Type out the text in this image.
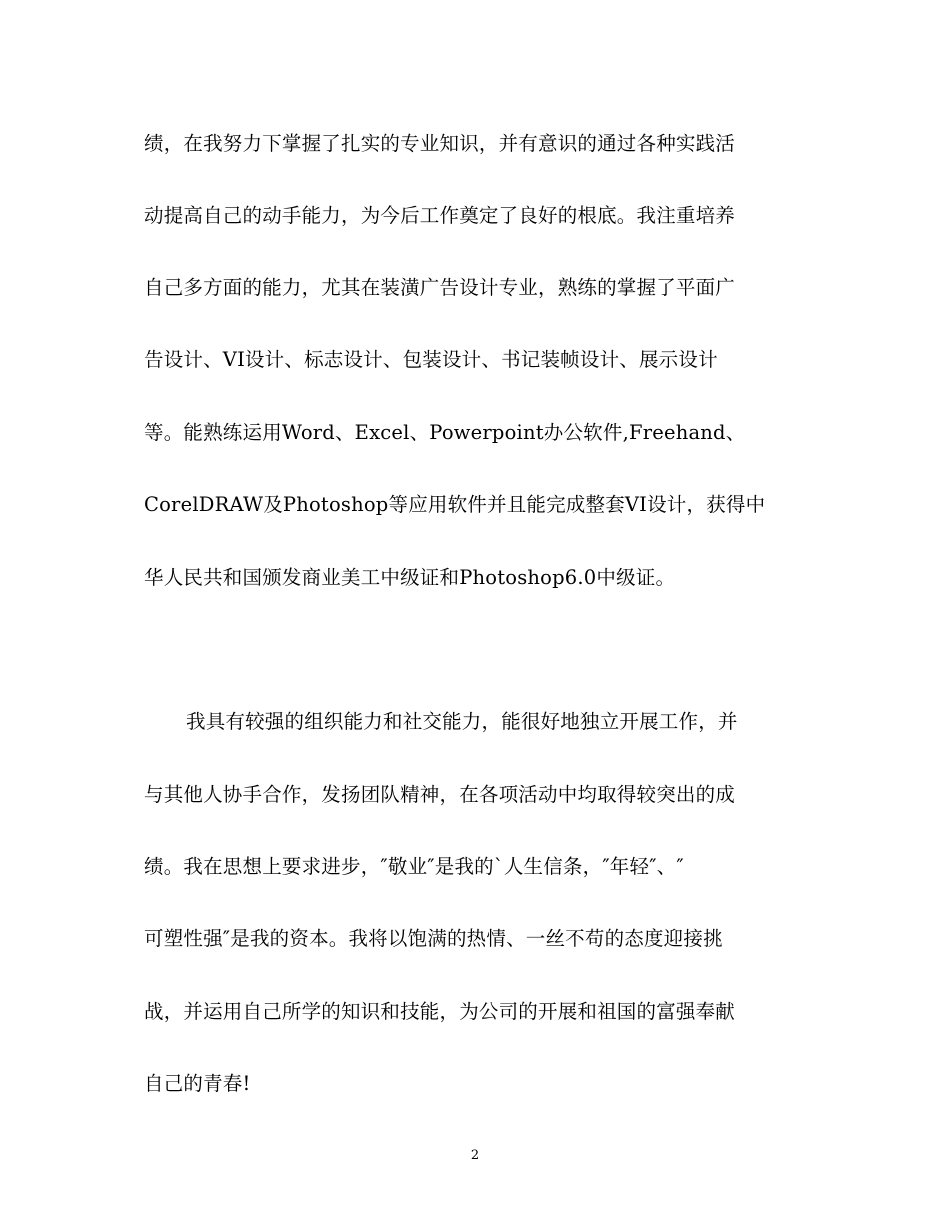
绩，在我努力下掌握了扎实的专业知识，并有意识的通过各种实践活
动提高自己的动手能力，为今后工作奠定了良好的根底。我注重培养
自己多方面的能力，尤其在装潢广告设计专业，熟练的掌握了平面广
告设计、VI设计、标志设计、包装设计、书记装帧设计、展示设计
等。能熟练运用Word、Excel、Powerpoint办公软件,Freehand、
CorelDRAW及Photoshop等应用软件并且能完成整套VI设计，获得中
华人民共和国颁发商业美工中级证和Photoshop6.0中级证。
我具有较强的组织能力和社交能力，能很好地独立开展工作，并
与其他人协手合作，发扬团队精神，在各项活动中均取得较突出的成
绩。我在思想上要求进步，″敬业″是我的`人生信条，″年轻″、″
可塑性强″是我的资本。我将以饱满的热情、一丝不苟的态度迎接挑
战，并运用自己所学的知识和技能，为公司的开展和祖国的富强奉献
自己的青春!
2
